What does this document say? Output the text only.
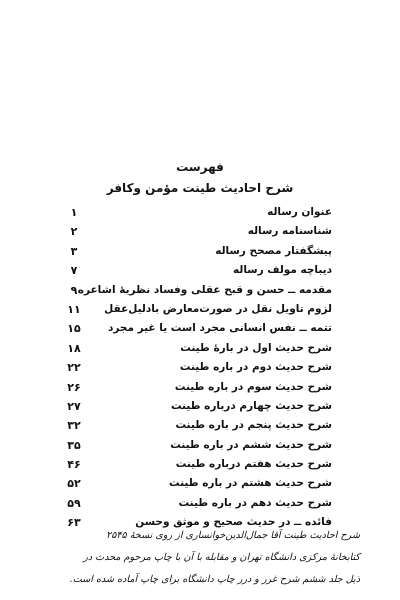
فهرست
شرح احادیث طینت مؤمن وکافر
عنوان رساله
۱
شناسنامه رساله
۲
پیشگفتار مصحح رساله
۳
دیباچه مولف رساله
۷
مقدمه ــ حسن و قبح عقلی وفساد نظریهٔ اشاعره
۹
لزوم تاویل نقل در صورت‌معارض بادلیل‌عقل
۱۱
تتمه ــ نفس انسانی مجرد است یا غیر مجرد
۱۵
شرح حدیث اول در بارهٔ طینت
۱۸
شرح حدیث دوم در باره طینت
۲۲
شرح حدیث سوم در باره طینت
۲۶
شرح حدیث چهارم درباره طینت
۲۷
شرح حدیث پنجم در باره طینت
۳۲
شرح حدیث ششم در باره طینت
۳۵
شرح حدیث هفتم درباره طینت
۴۶
شرح حدیث هشتم در باره طینت
۵۲
شرح حدیث دهم در باره طینت
۵۹
فائده ــ در حدیث صحیح و موثق وحسن
۶۳
شرح احادیث طینت آقا جمال‌الدین‌خوانساری از روی نسخهٔ ۲۵۴۵
کتابخانهٔ مرکزی دانشگاه تهران و مقابله با آن با چاپ مرحوم محدث در
ذیل جلد ششم شرح غرر و درر چاپ دانشگاه برای چاپ آماده شده است.
